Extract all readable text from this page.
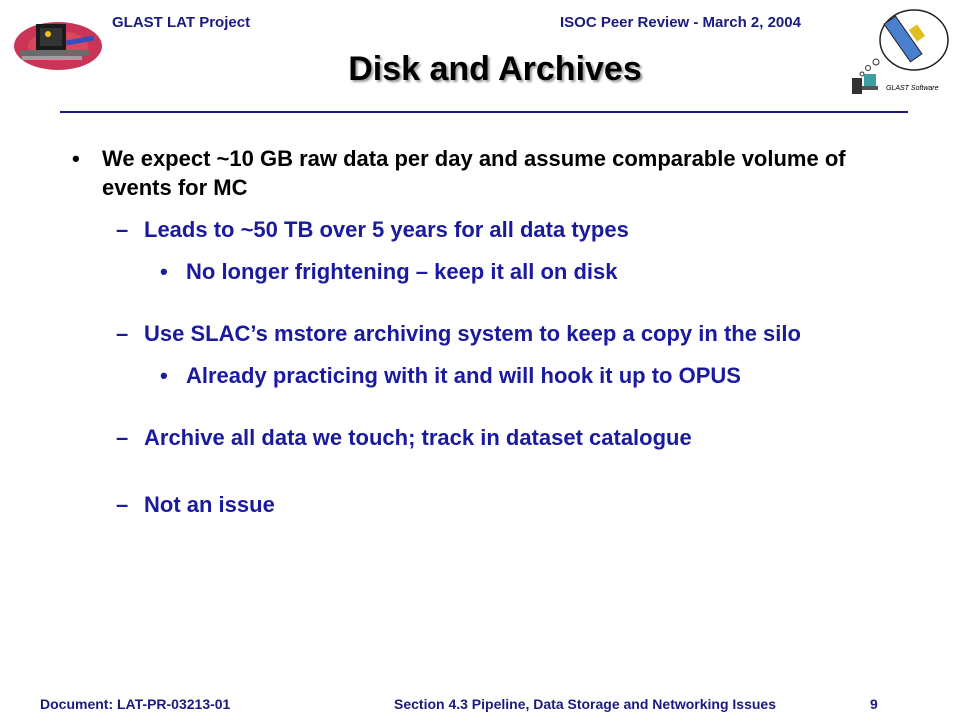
GLAST LAT Project	ISOC Peer Review - March 2, 2004
GLAST Software
Disk and Archives
• We expect ~10 GB raw data per day and assume comparable volume of events for MC
– Leads to ~50 TB over 5 years for all data types
• No longer frightening – keep it all on disk
– Use SLAC’s mstore archiving system to keep a copy in the silo
• Already practicing with it and will hook it up to OPUS
– Archive all data we touch; track in dataset catalogue
– Not an issue
Document: LAT-PR-03213-01	Section 4.3 Pipeline, Data Storage and Networking Issues	9
